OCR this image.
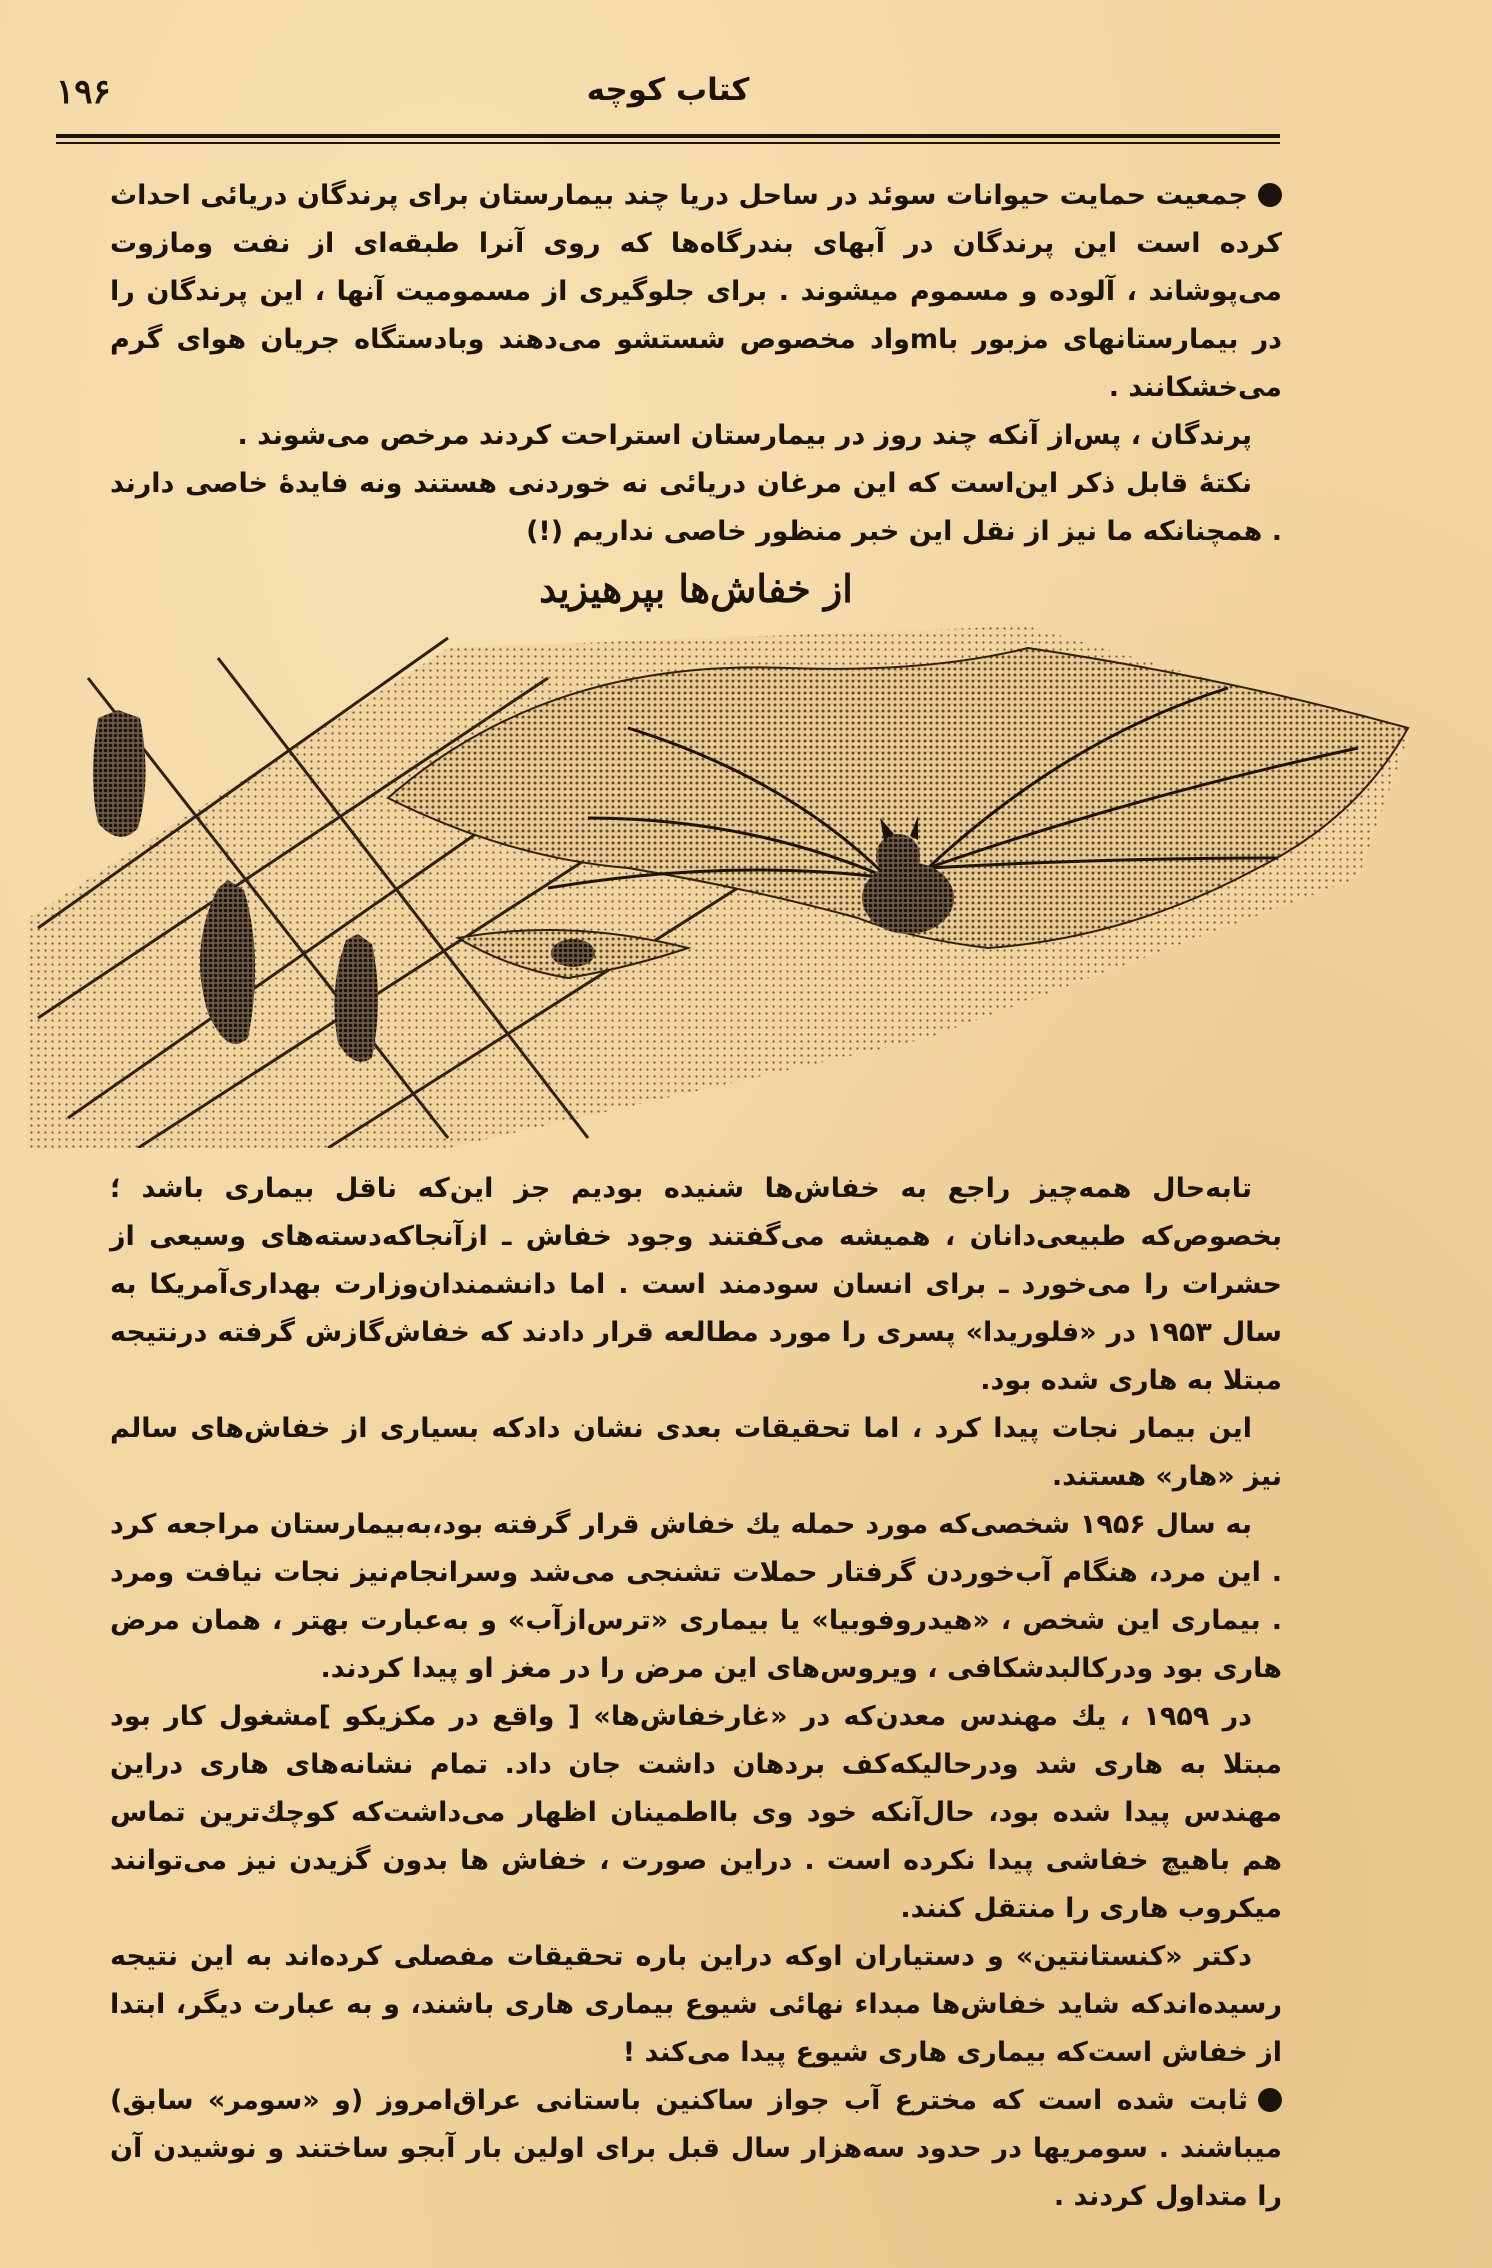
۱۹۶	کتاب کوچه

جمعیت حمایت حیوانات سوئد در ساحل دریا چند بیمارستان برای پرندگان دریائی احداث کرده است این پرندگان در آبهای بندرگاه‌ها که روی آنرا طبقه‌ای از نفت ومازوت می‌پوشاند ، آلوده و مسموم میشوند . برای جلوگیری از مسمومیت آنها ، این پرندگان را در بیمارستانهای مزبور باmواد مخصوص شستشو می‌دهند وبادستگاه جریان هوای گرم می‌خشکانند .

پرندگان ، پس‌از آنکه چند روز در بیمارستان استراحت کردند مرخص می‌شوند .

نکتهٔ قابل ذکر این‌است که این مرغان دریائی نه خوردنی هستند ونه فایدهٔ خاصی دارند . همچنانکه ما نیز از نقل این خبر منظور خاصی نداریم (!)

از خفاش‌ها بپرهیزید

تابه‌حال همه‌چیز راجع به خفاش‌ها شنیده بودیم جز این‌که ناقل بیماری باشد ؛ بخصوص‌که طبیعی‌دانان ، همیشه می‌گفتند وجود خفاش ـ ازآنجاکه‌دسته‌های وسیعی از حشرات را می‌خورد ـ برای انسان سودمند است . اما دانشمندان‌وزارت بهداری‌آمریکا به سال ۱۹۵۳ در «فلوریدا» پسری را مورد مطالعه قرار دادند که خفاش‌گازش گرفته درنتیجه مبتلا به هاری شده بود.

این بیمار نجات پیدا کرد ، اما تحقیقات بعدی نشان دادکه بسیاری از خفاش‌های سالم نیز «هار» هستند.

به سال ۱۹۵۶ شخصی‌که مورد حمله یك خفاش قرار گرفته بود،به‌بیمارستان مراجعه کرد . این مرد، هنگام آب‌خوردن گرفتار حملات تشنجی می‌شد وسرانجام‌نیز نجات نیافت ومرد . بیماری این شخص ، «هیدروفوبیا» یا بیماری «ترس‌ازآب» و به‌عبارت بهتر ، همان مرض هاری بود ودرکالبدشکافی ، ویروس‌های این مرض را در مغز او پیدا کردند.

در ۱۹۵۹ ، یك مهندس معدن‌که در «غارخفاش‌ها» [ واقع در مکزیکو ]مشغول کار بود مبتلا به هاری شد ودرحالیکه‌کف بردهان داشت جان داد. تمام نشانه‌های هاری دراین مهندس پیدا شده بود، حال‌آنکه خود وی بااطمینان اظهار می‌داشت‌که کوچك‌ترین تماس هم باهیچ خفاشی پیدا نکرده است . دراین صورت ، خفاش ها بدون گزیدن نیز می‌توانند میکروب هاری را منتقل کنند.

دکتر «کنستانتین» و دستیاران اوکه دراین باره تحقیقات مفصلی کرده‌اند به این نتیجه رسیده‌اندکه شاید خفاش‌ها مبداء نهائی شیوع بیماری هاری باشند، و به عبارت دیگر، ابتدا از خفاش است‌که بیماری هاری شیوع پیدا می‌کند !

ثابت شده است که مخترع آب جواز ساکنین باستانی عراق‌امروز (و «سومر» سابق) میباشند . سومریها در حدود سه‌هزار سال قبل برای اولین بار آبجو ساختند و نوشیدن آن را متداول کردند .
